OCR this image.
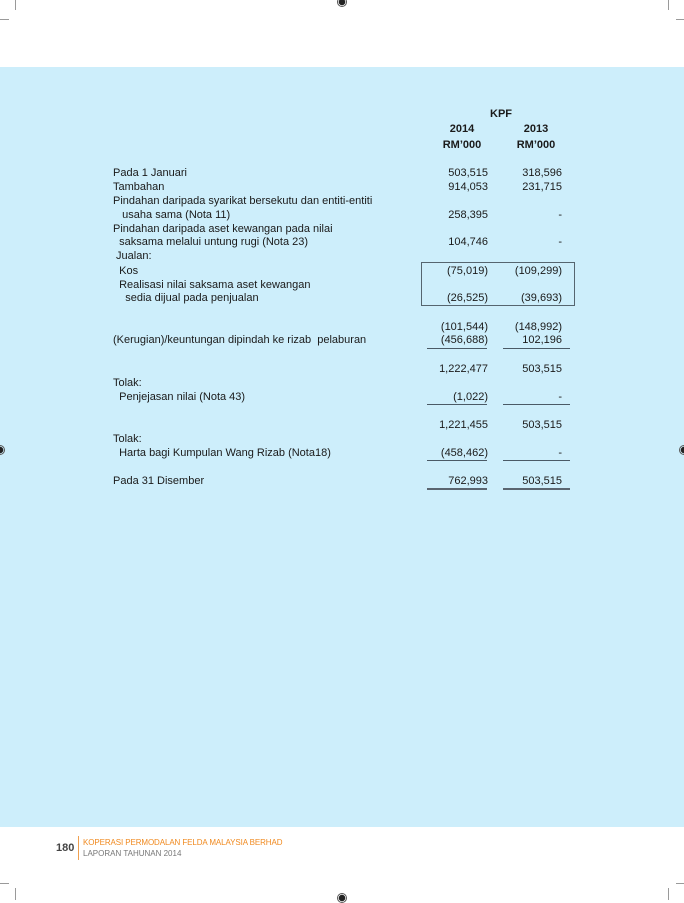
KPF
2014	2013
RM’000	RM’000
Pada 1 Januari	503,515	318,596
Tambahan	914,053	231,715
Pindahan daripada syarikat bersekutu dan entiti-entiti
usaha sama (Nota 11)	258,395	-
Pindahan daripada aset kewangan pada nilai
saksama melalui untung rugi (Nota 23)	104,746	-
Jualan:
Kos	(75,019) (109,299)
Realisasi nilai saksama aset kewangan
sedia dijual pada penjualan	(26,525)	(39,693)
(101,544) (148,992)
(Kerugian)/keuntungan dipindah ke rizab  pelaburan	(456,688)	102,196
1,222,477	503,515
Tolak:
Penjejasan nilai (Nota 43)	(1,022)	-
1,221,455	503,515
Tolak:
Harta bagi Kumpulan Wang Rizab (Nota18)	(458,462)	-
Pada 31 Disember	762,993	503,515
180 KOPERASI PERMODALAN FELDA MALAYSIA BERHAD
LAPORAN TAHUNAN 2014
